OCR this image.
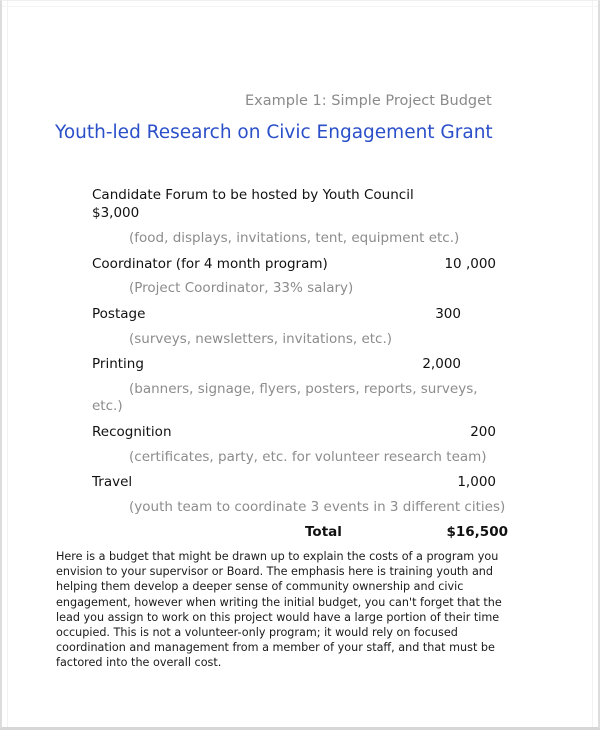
Example 1: Simple Project Budget
Youth-led Research on Civic Engagement Grant
Candidate Forum to be hosted by Youth Council
$3,000
(food, displays, invitations, tent, equipment etc.)
Coordinator (for 4 month program)	10 ,000
(Project Coordinator, 33% salary)
Postage	300
(surveys, newsletters, invitations, etc.)
Printing	2,000
(banners, signage, flyers, posters, reports, surveys,
etc.)
Recognition	200
(certificates, party, etc. for volunteer research team)
Travel	1,000
(youth team to coordinate 3 events in 3 different cities)
Total	$16,500
Here is a budget that might be drawn up to explain the costs of a program you envision to your supervisor or Board. The emphasis here is training youth and helping them develop a deeper sense of community ownership and civic engagement, however when writing the initial budget, you can't forget that the lead you assign to work on this project would have a large portion of their time occupied. This is not a volunteer-only program; it would rely on focused coordination and management from a member of your staff, and that must be factored into the overall cost.
